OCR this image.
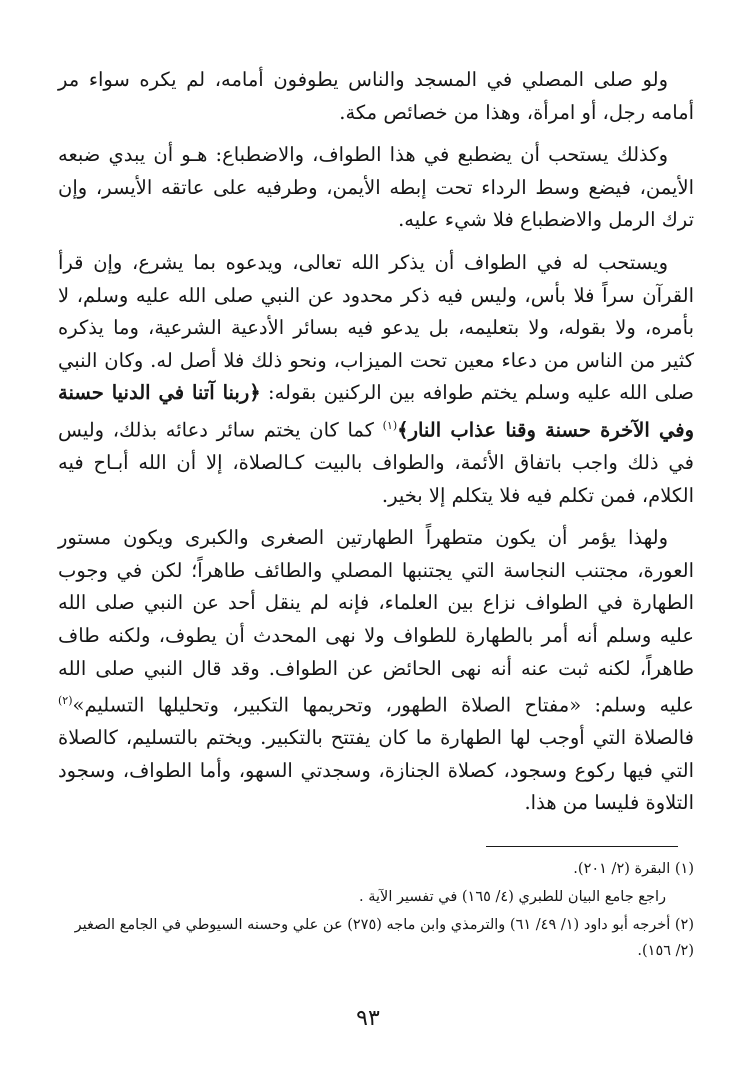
ولو صلى المصلي في المسجد والناس يطوفون أمامه، لم يكره سواء مر أمامه رجل، أو امرأة، وهذا من خصائص مكة.

وكذلك يستحب أن يضطبع في هذا الطواف، والاضطباع: هـو أن يبدي ضبعه الأيمن، فيضع وسط الرداء تحت إبطه الأيمن، وطرفيه على عاتقه الأيسر، وإن ترك الرمل والاضطباع فلا شيء عليه.

ويستحب له في الطواف أن يذكر الله تعالى، ويدعوه بما يشرع، وإن قرأ القرآن سراً فلا بأس، وليس فيه ذكر محدود عن النبي صلى الله عليه وسلم، لا بأمره، ولا بقوله، ولا بتعليمه، بل يدعو فيه بسائر الأدعية الشرعية، وما يذكره كثير من الناس من دعاء معين تحت الميزاب، ونحو ذلك فلا أصل له. وكان النبي صلى الله عليه وسلم يختم طوافه بين الركنين بقوله: ﴿ربنا آتنا في الدنيا حسنة وفي الآخرة حسنة وقنا عذاب النار﴾$^{(١)}$ كما كان يختم سائر دعائه بذلك، وليس في ذلك واجب باتفاق الأئمة، والطواف بالبيت كـالصلاة، إلا أن الله أبـاح فيه الكلام، فمن تكلم فيه فلا يتكلم إلا بخير.

ولهذا يؤمر أن يكون متطهراً الطهارتين الصغرى والكبرى ويكون مستور العورة، مجتنب النجاسة التي يجتنبها المصلي والطائف طاهراً؛ لكن في وجوب الطهارة في الطواف نزاع بين العلماء، فإنه لم ينقل أحد عن النبي صلى الله عليه وسلم أنه أمر بالطهارة للطواف ولا نهى المحدث أن يطوف، ولكنه طاف طاهراً، لكنه ثبت عنه أنه نهى الحائض عن الطواف. وقد قال النبي صلى الله عليه وسلم: «مفتاح الصلاة الطهور، وتحريمها التكبير، وتحليلها التسليم»$^{(٢)}$ فالصلاة التي أوجب لها الطهارة ما كان يفتتح بالتكبير. ويختم بالتسليم، كالصلاة التي فيها ركوع وسجود، كصلاة الجنازة، وسجدتي السهو، وأما الطواف، وسجود التلاوة فليسا من هذا.

(١) البقرة (٢/ ٢٠١).

راجع جامع البيان للطبري (٤/ ١٦٥) في تفسير الآية .

(٢) أخرجه أبو داود (١/ ٤٩/ ٦١) والترمذي وابن ماجه (٢٧٥) عن علي وحسنه السيوطي في الجامع الصغير (٢/ ١٥٦).

٩٣
